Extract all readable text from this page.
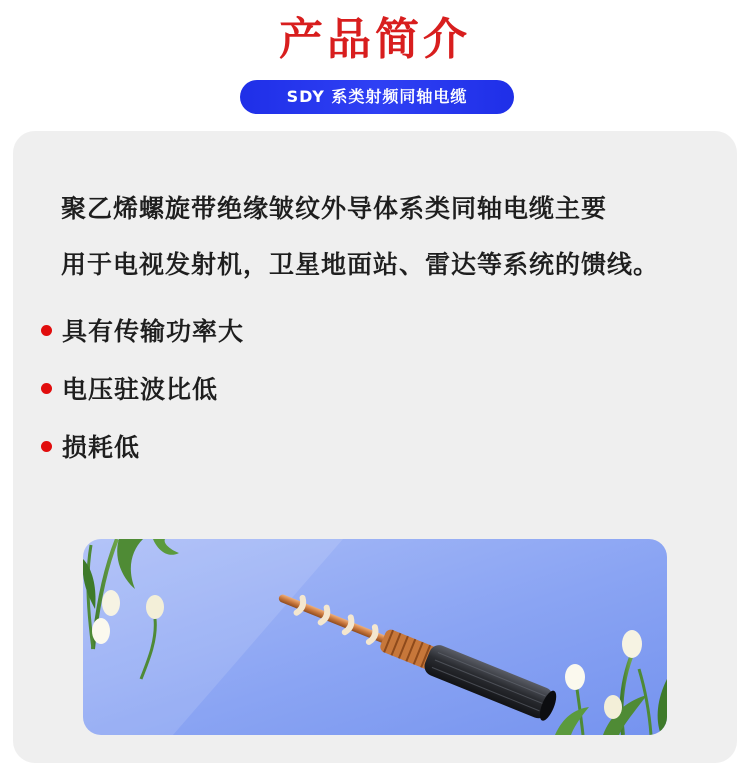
产品简介
SDY 系类射频同轴电缆
聚乙烯螺旋带绝缘皱纹外导体系类同轴电缆主要
用于电视发射机，卫星地面站、雷达等系统的馈线。
具有传输功率大
电压驻波比低
损耗低
